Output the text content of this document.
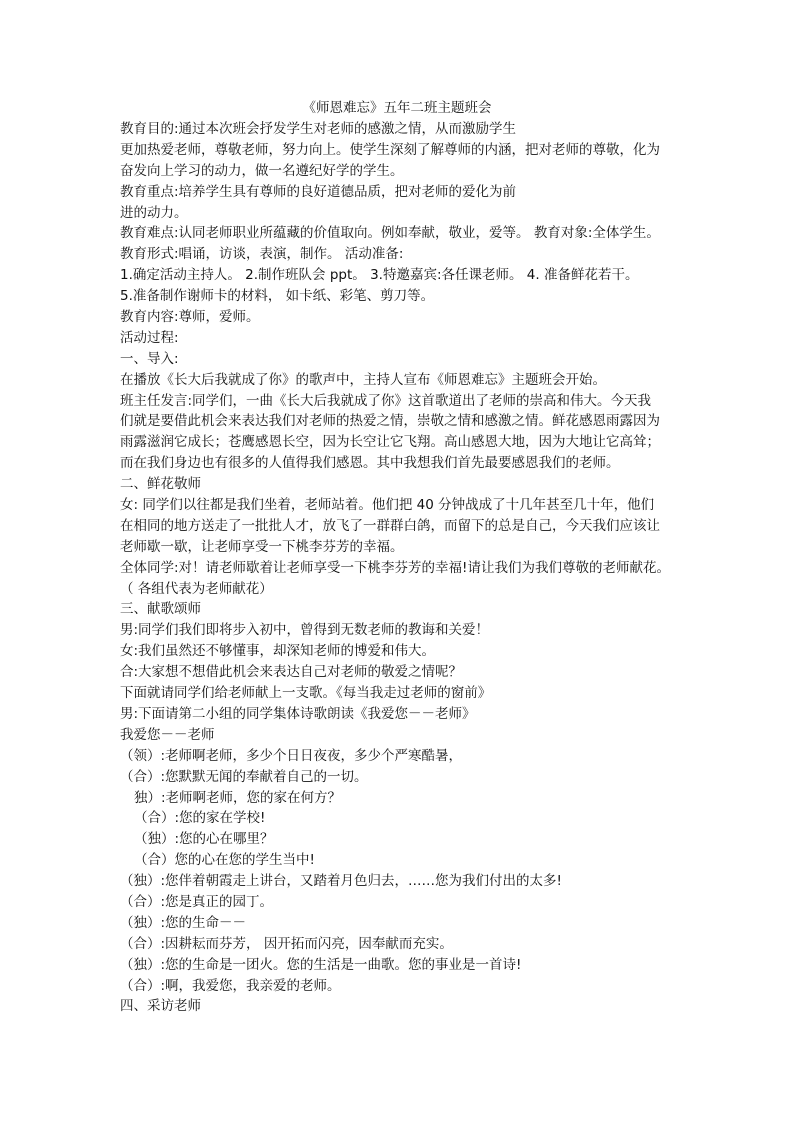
《师恩难忘》五年二班主题班会
教育目的:通过本次班会抒发学生对老师的感激之情，从而激励学生
更加热爱老师，尊敬老师，努力向上。使学生深刻了解尊师的内涵，把对老师的尊敬，化为
奋发向上学习的动力，做一名遵纪好学的学生。
教育重点:培养学生具有尊师的良好道德品质，把对老师的爱化为前
进的动力。
教育难点:认同老师职业所蕴藏的价值取向。例如奉献，敬业，爱等。 教育对象:全体学生。
教育形式:唱诵，访谈，表演，制作。 活动准备:
1.确定活动主持人。 2.制作班队会 ppt。 3.特邀嘉宾:各任课老师。 4. 准备鲜花若干。
5.准备制作谢师卡的材料， 如卡纸、彩笔、剪刀等。
教育内容:尊师，爱师。
活动过程:
一、导入:
在播放《长大后我就成了你》的歌声中，主持人宣布《师恩难忘》主题班会开始。
班主任发言:同学们，一曲《长大后我就成了你》这首歌道出了老师的崇高和伟大。今天我
们就是要借此机会来表达我们对老师的热爱之情，崇敬之情和感激之情。鲜花感恩雨露因为
雨露滋润它成长；苍鹰感恩长空，因为长空让它飞翔。高山感恩大地，因为大地让它高耸；
而在我们身边也有很多的人值得我们感恩。其中我想我们首先最要感恩我们的老师。
二、鲜花敬师
女: 同学们以往都是我们坐着，老师站着。他们把 40 分钟战成了十几年甚至几十年，他们
在相同的地方送走了一批批人才，放飞了一群群白鸽，而留下的总是自己，今天我们应该让
老师歇一歇，让老师享受一下桃李芬芳的幸福。
全体同学:对！请老师歇着让老师享受一下桃李芬芳的幸福!请让我们为我们尊敬的老师献花。
（ 各组代表为老师献花）
三、献歌颂师
男:同学们我们即将步入初中，曾得到无数老师的教诲和关爱！
女:我们虽然还不够懂事，却深知老师的博爱和伟大。
合:大家想不想借此机会来表达自己对老师的敬爱之情呢？
下面就请同学们给老师献上一支歌。《每当我走过老师的窗前》
男:下面请第二小组的同学集体诗歌朗读《我爱您－－老师》
我爱您－－老师
（领）:老师啊老师，多少个日日夜夜，多少个严寒酷暑，
（合）:您默默无闻的奉献着自己的一切。
独）:老师啊老师，您的家在何方？
（合）:您的家在学校!
（独）:您的心在哪里？
（合）您的心在您的学生当中!
（独）:您伴着朝霞走上讲台，又踏着月色归去，……您为我们付出的太多!
（合）:您是真正的园丁。
（独）:您的生命－－
（合）:因耕耘而芬芳， 因开拓而闪亮，因奉献而充实。
（独）:您的生命是一团火。您的生活是一曲歌。您的事业是一首诗!
（合）:啊，我爱您，我亲爱的老师。
四、采访老师
